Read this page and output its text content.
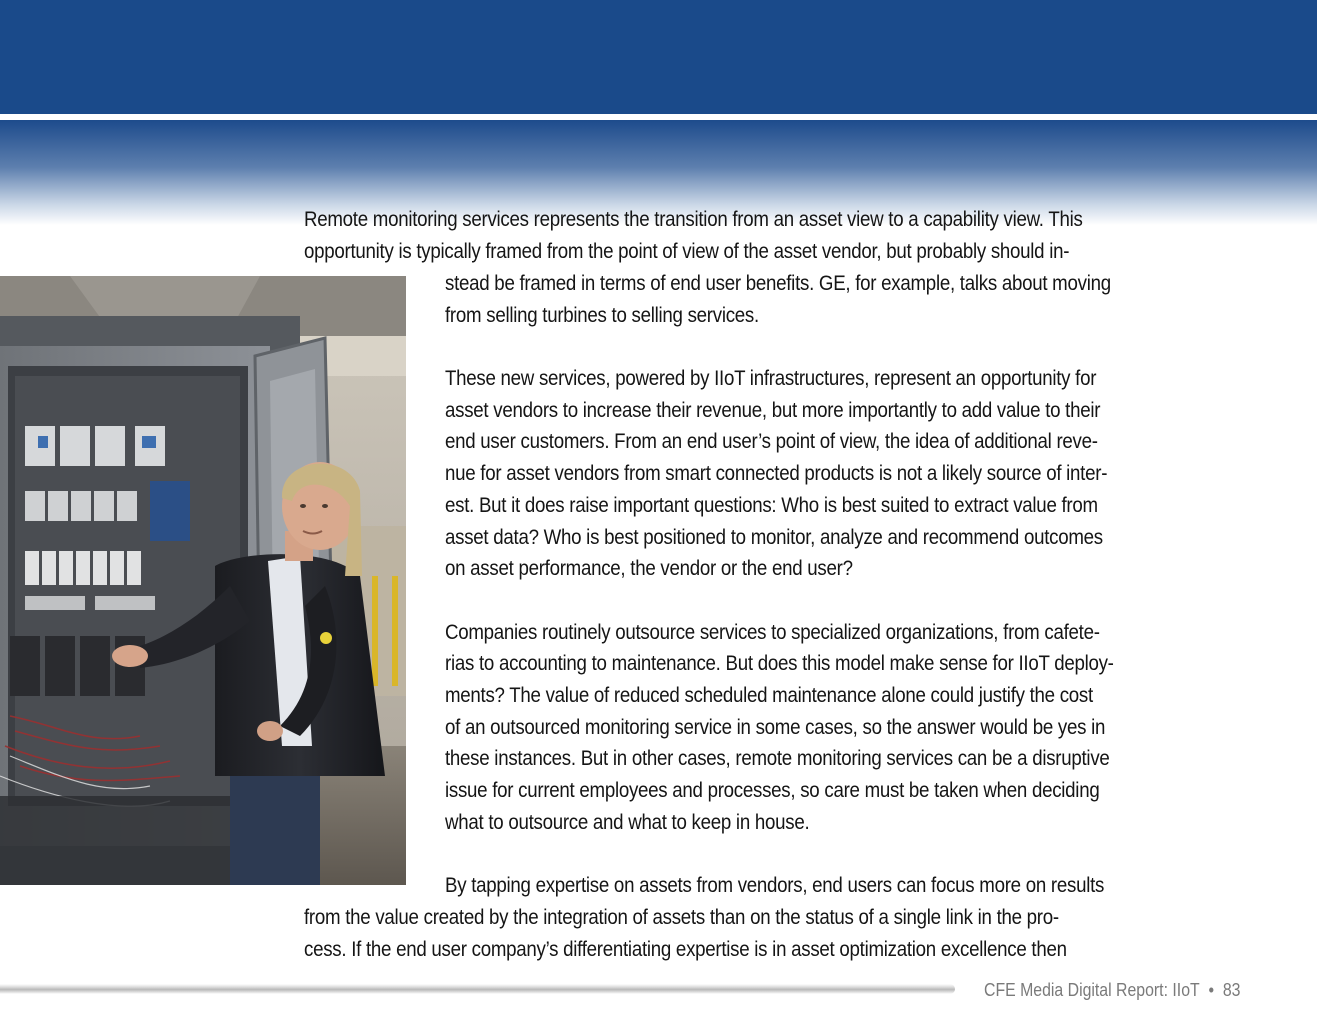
Remote monitoring services represents the transition from an asset view to a capability view. This
opportunity is typically framed from the point of view of the asset vendor, but probably should in-
stead be framed in terms of end user benefits. GE, for example, talks about moving
from selling turbines to selling services.
These new services, powered by IIoT infrastructures, represent an opportunity for
asset vendors to increase their revenue, but more importantly to add value to their
end user customers. From an end user’s point of view, the idea of additional reve-
nue for asset vendors from smart connected products is not a likely source of inter-
est. But it does raise important questions: Who is best suited to extract value from
asset data? Who is best positioned to monitor, analyze and recommend outcomes
on asset performance, the vendor or the end user?
Companies routinely outsource services to specialized organizations, from cafete-
rias to accounting to maintenance. But does this model make sense for IIoT deploy-
ments? The value of reduced scheduled maintenance alone could justify the cost
of an outsourced monitoring service in some cases, so the answer would be yes in
these instances. But in other cases, remote monitoring services can be a disruptive
issue for current employees and processes, so care must be taken when deciding
what to outsource and what to keep in house.
By tapping expertise on assets from vendors, end users can focus more on results
from the value created by the integration of assets than on the status of a single link in the pro-
cess. If the end user company’s differentiating expertise is in asset optimization excellence then
CFE Media Digital Report: IIoT • 83
